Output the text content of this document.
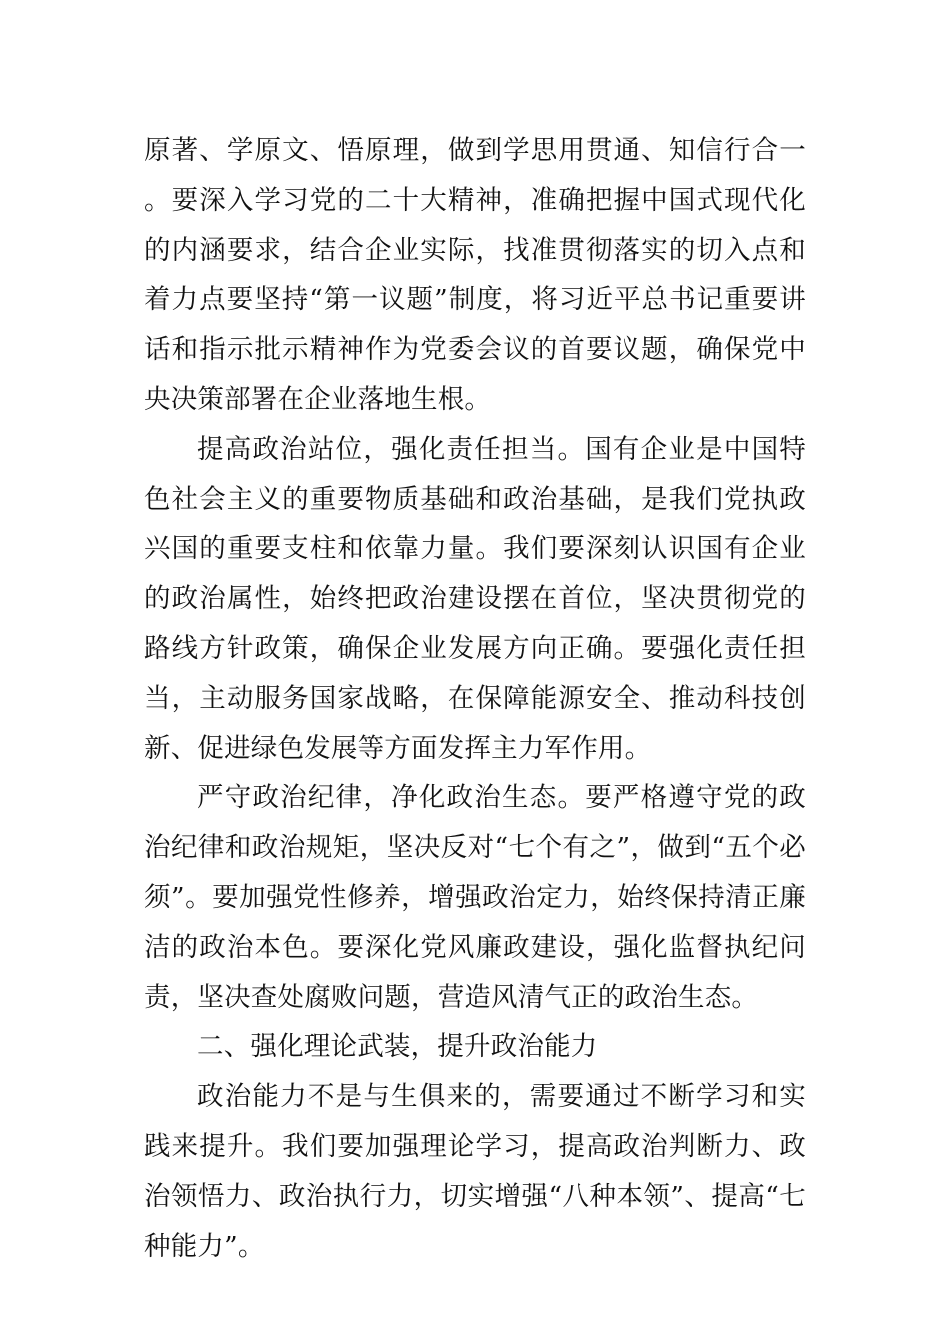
原著、学原文、悟原理，做到学思用贯通、知信行合一。要深入学习党的二十大精神，准确把握中国式现代化的内涵要求，结合企业实际，找准贯彻落实的切入点和着力点要坚持“第一议题”制度，将习近平总书记重要讲话和指示批示精神作为党委会议的首要议题，确保党中央决策部署在企业落地生根。

提高政治站位，强化责任担当。国有企业是中国特色社会主义的重要物质基础和政治基础，是我们党执政兴国的重要支柱和依靠力量。我们要深刻认识国有企业的政治属性，始终把政治建设摆在首位，坚决贯彻党的路线方针政策，确保企业发展方向正确。要强化责任担当，主动服务国家战略，在保障能源安全、推动科技创新、促进绿色发展等方面发挥主力军作用。

严守政治纪律，净化政治生态。要严格遵守党的政治纪律和政治规矩，坚决反对“七个有之”，做到“五个必须”。要加强党性修养，增强政治定力，始终保持清正廉洁的政治本色。要深化党风廉政建设，强化监督执纪问责，坚决查处腐败问题，营造风清气正的政治生态。

二、强化理论武装，提升政治能力

政治能力不是与生俱来的，需要通过不断学习和实践来提升。我们要加强理论学习，提高政治判断力、政治领悟力、政治执行力，切实增强“八种本领”、提高“七种能力”。
